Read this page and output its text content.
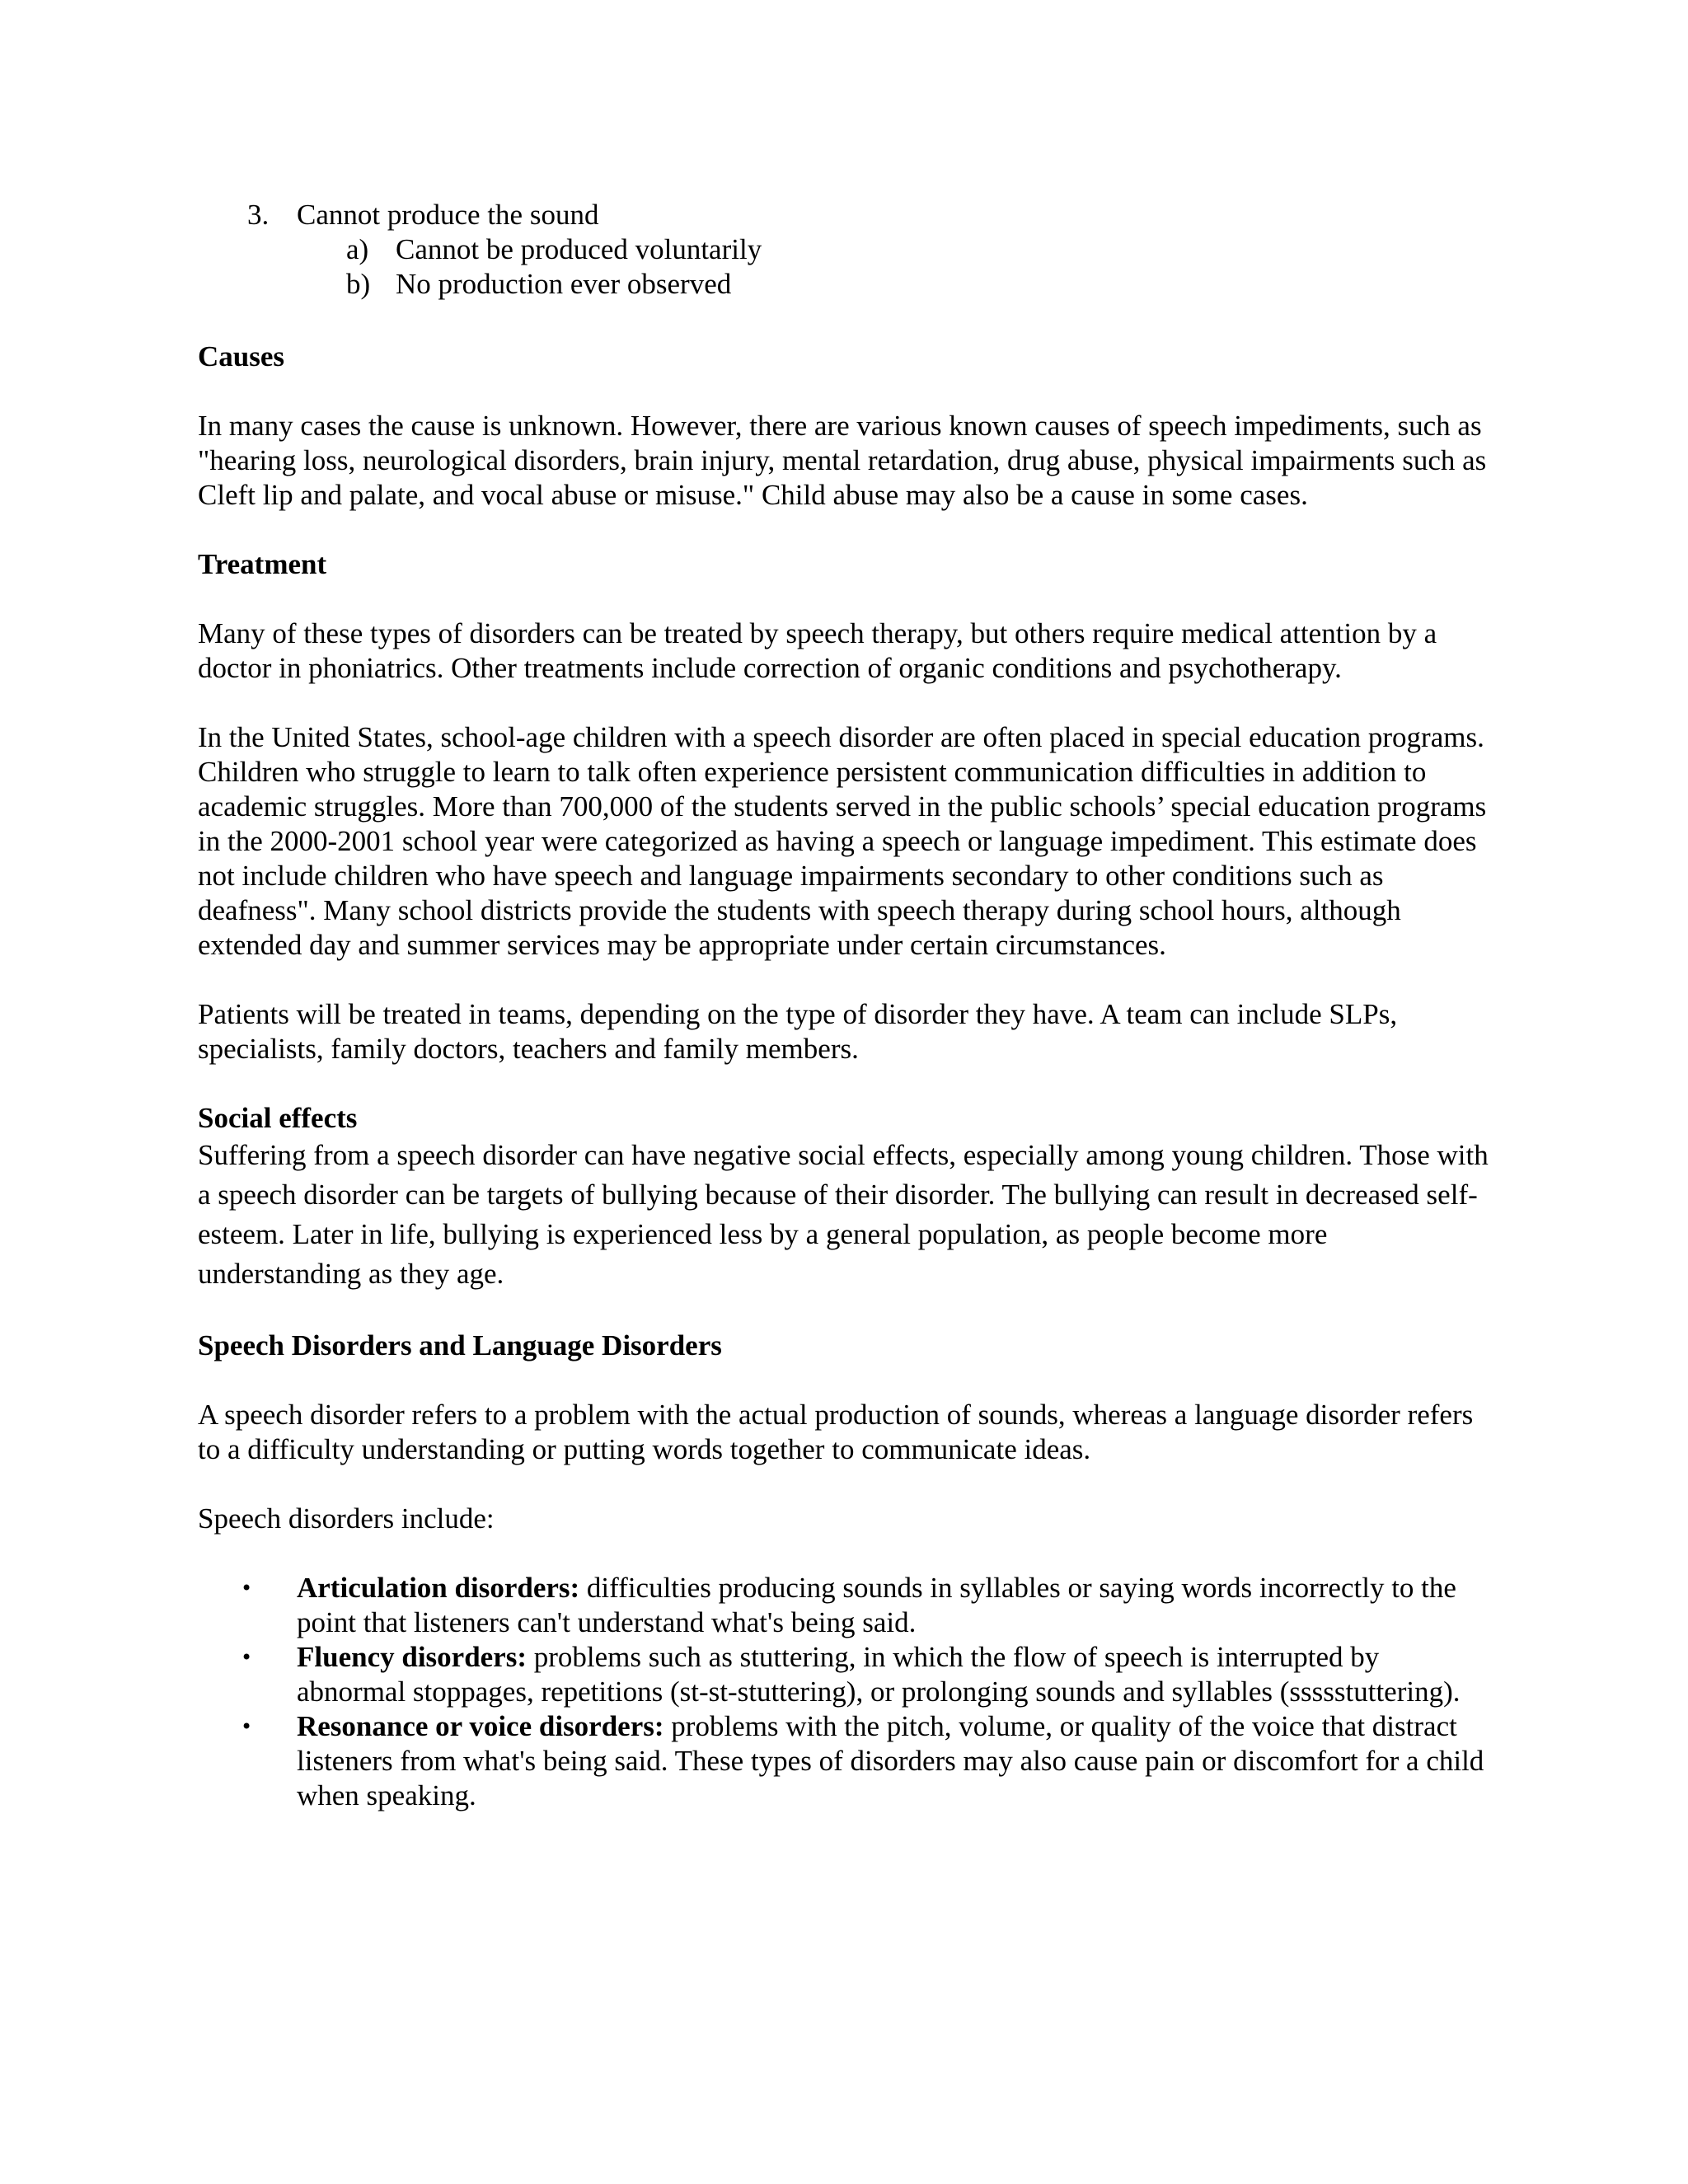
3. Cannot produce the sound
a) Cannot be produced voluntarily
b) No production ever observed

Causes

In many cases the cause is unknown. However, there are various known causes of speech impediments, such as "hearing loss, neurological disorders, brain injury, mental retardation, drug abuse, physical impairments such as Cleft lip and palate, and vocal abuse or misuse." Child abuse may also be a cause in some cases.

Treatment

Many of these types of disorders can be treated by speech therapy, but others require medical attention by a doctor in phoniatrics. Other treatments include correction of organic conditions and psychotherapy.

In the United States, school-age children with a speech disorder are often placed in special education programs. Children who struggle to learn to talk often experience persistent communication difficulties in addition to academic struggles. More than 700,000 of the students served in the public schools’ special education programs in the 2000-2001 school year were categorized as having a speech or language impediment. This estimate does not include children who have speech and language impairments secondary to other conditions such as deafness". Many school districts provide the students with speech therapy during school hours, although extended day and summer services may be appropriate under certain circumstances.

Patients will be treated in teams, depending on the type of disorder they have. A team can include SLPs, specialists, family doctors, teachers and family members.

Social effects

Suffering from a speech disorder can have negative social effects, especially among young children. Those with a speech disorder can be targets of bullying because of their disorder. The bullying can result in decreased self-esteem. Later in life, bullying is experienced less by a general population, as people become more understanding as they age.

Speech Disorders and Language Disorders

A speech disorder refers to a problem with the actual production of sounds, whereas a language disorder refers to a difficulty understanding or putting words together to communicate ideas.

Speech disorders include:

•	Articulation disorders: difficulties producing sounds in syllables or saying words incorrectly to the point that listeners can't understand what's being said.
•	Fluency disorders: problems such as stuttering, in which the flow of speech is interrupted by abnormal stoppages, repetitions (st-st-stuttering), or prolonging sounds and syllables (ssssstuttering).
•	Resonance or voice disorders: problems with the pitch, volume, or quality of the voice that distract listeners from what's being said. These types of disorders may also cause pain or discomfort for a child when speaking.
